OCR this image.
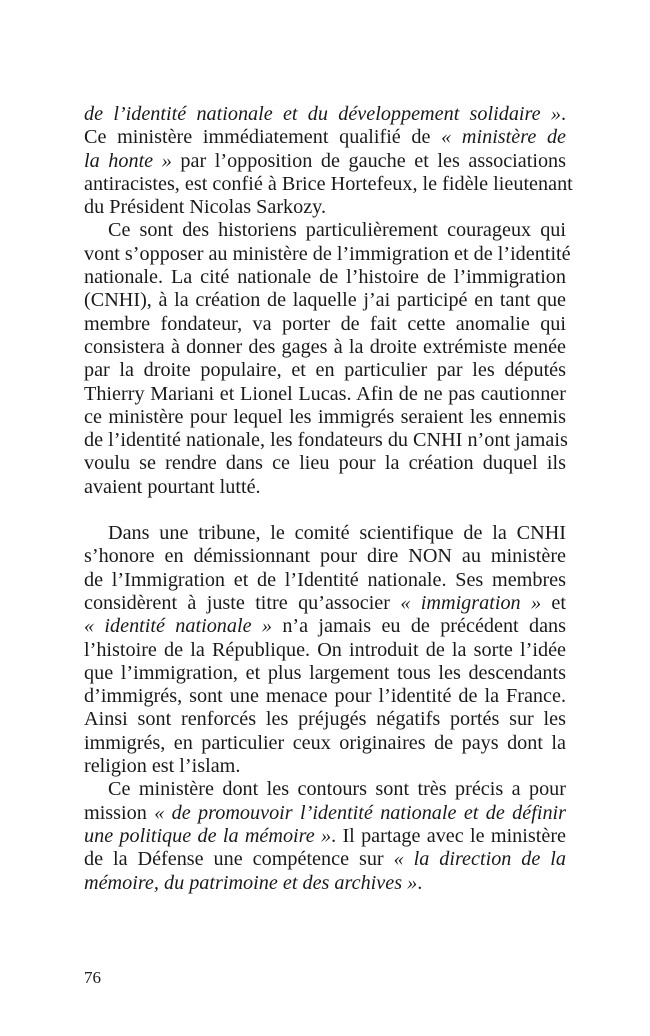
de l’identité nationale et du développement solidaire ».
Ce ministère immédiatement qualifié de « ministère de
la honte » par l’opposition de gauche et les associations
antiracistes, est confié à Brice Hortefeux, le fidèle lieutenant
du Président Nicolas Sarkozy.
Ce sont des historiens particulièrement courageux qui
vont s’opposer au ministère de l’immigration et de l’identité
nationale. La cité nationale de l’histoire de l’immigration
(CNHI), à la création de laquelle j’ai participé en tant que
membre fondateur, va porter de fait cette anomalie qui
consistera à donner des gages à la droite extrémiste menée
par la droite populaire, et en particulier par les députés
Thierry Mariani et Lionel Lucas. Afin de ne pas cautionner
ce ministère pour lequel les immigrés seraient les ennemis
de l’identité nationale, les fondateurs du CNHI n’ont jamais
voulu se rendre dans ce lieu pour la création duquel ils
avaient pourtant lutté.
Dans une tribune, le comité scientifique de la CNHI
s’honore en démissionnant pour dire NON au ministère
de l’Immigration et de l’Identité nationale. Ses membres
considèrent à juste titre qu’associer « immigration » et
« identité nationale » n’a jamais eu de précédent dans
l’histoire de la République. On introduit de la sorte l’idée
que l’immigration, et plus largement tous les descendants
d’immigrés, sont une menace pour l’identité de la France.
Ainsi sont renforcés les préjugés négatifs portés sur les
immigrés, en particulier ceux originaires de pays dont la
religion est l’islam.
Ce ministère dont les contours sont très précis a pour
mission « de promouvoir l’identité nationale et de définir
une politique de la mémoire ». Il partage avec le ministère
de la Défense une compétence sur « la direction de la
mémoire, du patrimoine et des archives ».
76
